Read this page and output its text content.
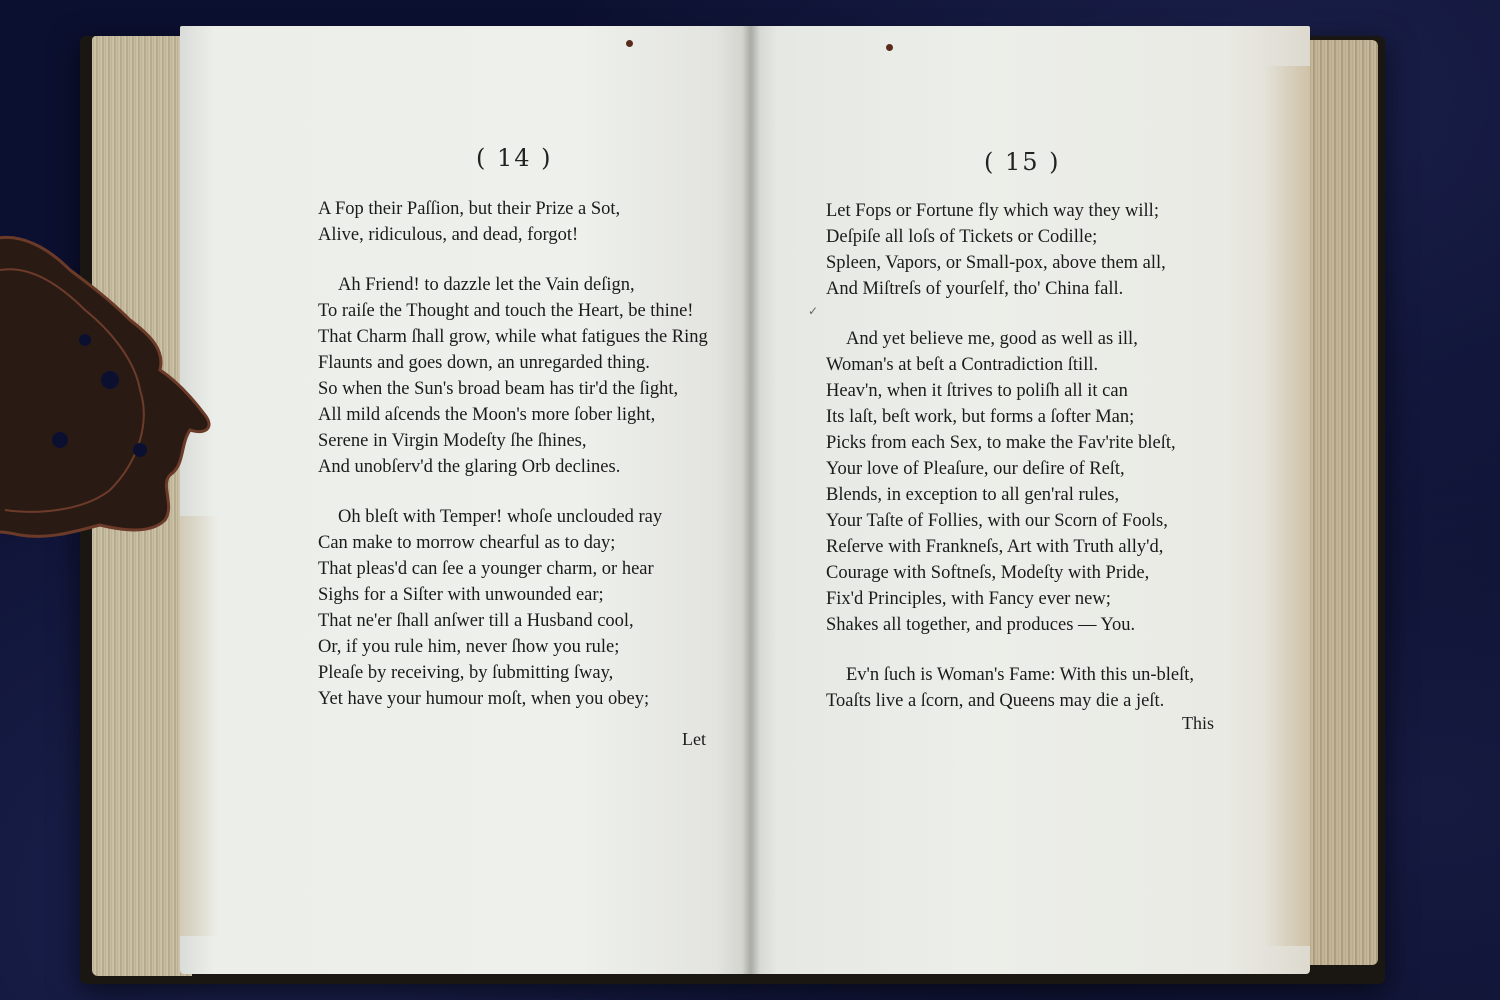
( 14 )
A Fop their Paſſion, but their Prize a Sot,
Alive, ridiculous, and dead, forgot!
Ah Friend! to dazzle let the Vain deſign,
To raiſe the Thought and touch the Heart, be thine!
That Charm ſhall grow, while what fatigues the Ring
Flaunts and goes down, an unregarded thing.
So when the Sun's broad beam has tir'd the ſight,
All mild aſcends the Moon's more ſober light,
Serene in Virgin Modeſty ſhe ſhines,
And unobſerv'd the glaring Orb declines.
Oh bleſt with Temper! whoſe unclouded ray
Can make to morrow chearful as to day;
That pleas'd can ſee a younger charm, or hear
Sighs for a Siſter with unwounded ear;
That ne'er ſhall anſwer till a Husband cool,
Or, if you rule him, never ſhow you rule;
Pleaſe by receiving, by ſubmitting ſway,
Yet have your humour moſt, when you obey;
Let
✓
( 15 )
Let Fops or Fortune fly which way they will;
Deſpiſe all loſs of Tickets or Codille;
Spleen, Vapors, or Small-pox, above them all,
And Miſtreſs of yourſelf, tho' China fall.
And yet believe me, good as well as ill,
Woman's at beſt a Contradiction ſtill.
Heav'n, when it ſtrives to poliſh all it can
Its laſt, beſt work, but forms a ſofter Man;
Picks from each Sex, to make the Fav'rite bleſt,
Your love of Pleaſure, our deſire of Reſt,
Blends, in exception to all gen'ral rules,
Your Taſte of Follies, with our Scorn of Fools,
Reſerve with Frankneſs, Art with Truth ally'd,
Courage with Softneſs, Modeſty with Pride,
Fix'd Principles, with Fancy ever new;
Shakes all together, and produces — You.
Ev'n ſuch is Woman's Fame: With this un-bleſt,
Toaſts live a ſcorn, and Queens may die a jeſt.
This
